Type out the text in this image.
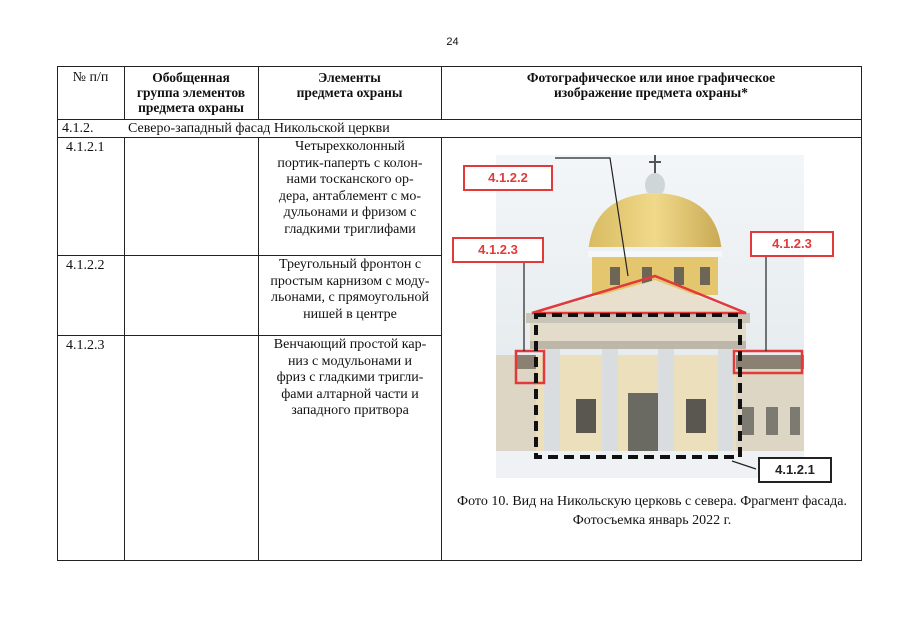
24
№ п/п	Обобщенная
группа элементов
предмета охраны
Элементы
предмета охраны
Фотографическое или иное графическое
изображение предмета охраны*
4.1.2. Северо-западный фасад Никольской церкви
4.1.2.1
4.1.2.2
4.1.2.3
Четырехколонный
портик-паперть с колон-
нами тосканского ор-
дера, антаблемент с мо-
дульонами и фризом с
гладкими триглифами
Треугольный фронтон с
простым карнизом с моду-
льонами, с прямоугольной
нишей в центре
Венчающий простой кар-
низ с модульонами и
фриз с гладкими тригли-
фами алтарной части и
западного притвора
4.1.2.2
4.1.2.3	4.1.2.3
4.1.2.1
Фото 10. Вид на Никольскую церковь с севера. Фрагмент фасада.
Фотосъемка январь 2022 г.
